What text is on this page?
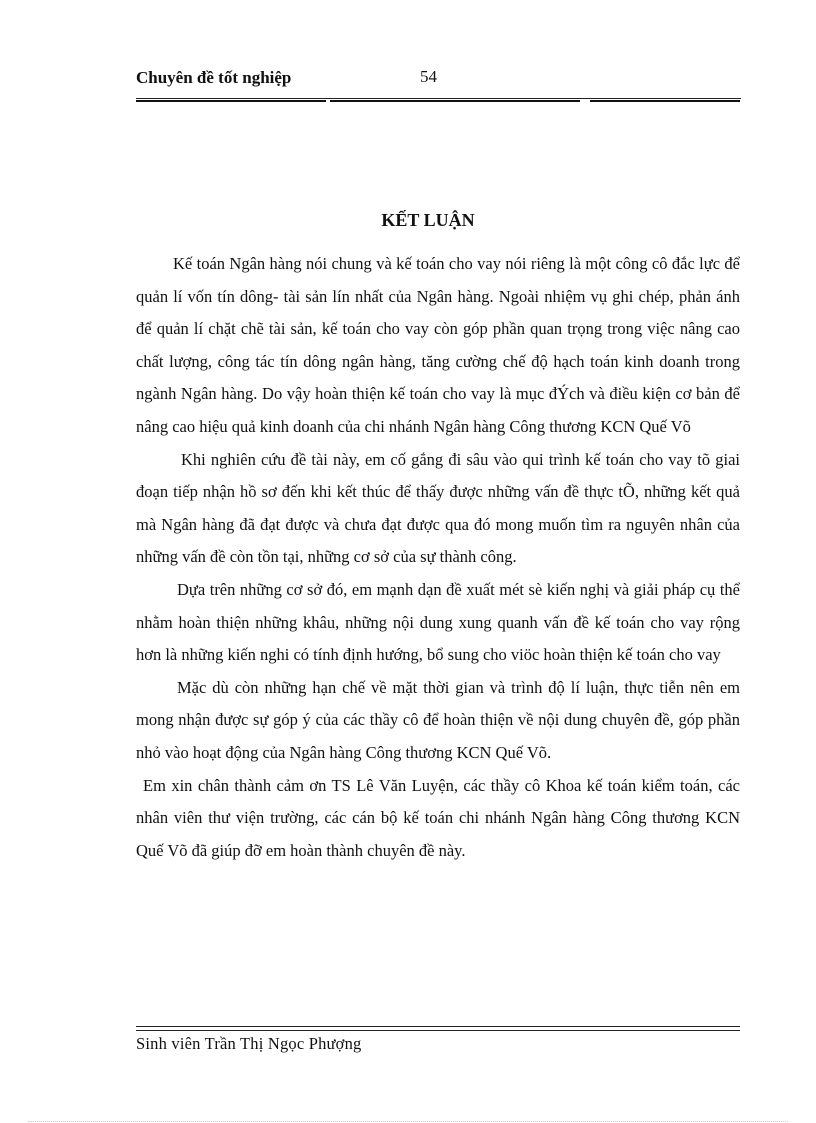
Chuyên đề tốt nghiệp	54
KẾT LUẬN

Kế toán Ngân hàng nói chung và kế toán cho vay nói riêng là một công cô đắc lực để quản lí vốn tín dông- tài sản lín nhất của Ngân hàng. Ngoài nhiệm vụ ghi chép, phản ánh để quản lí chặt chẽ tài sản, kế toán cho vay còn góp phần quan trọng trong việc nâng cao chất lượng, công tác tín dông ngân hàng, tăng cường chế độ hạch toán kinh doanh trong ngành Ngân hàng. Do vậy hoàn thiện kế toán cho vay là mục đÝch và điều kiện cơ bản để nâng cao hiệu quả kinh doanh của chi nhánh Ngân hàng Công thương KCN Quế Võ

Khi nghiên cứu đề tài này, em cố gắng đi sâu vào qui trình kế toán cho vay tõ giai đoạn tiếp nhận hồ sơ đến khi kết thúc để thấy được những vấn đề thực tÕ, những kết quả mà Ngân hàng đã đạt được và chưa đạt được qua đó mong muốn tìm ra nguyên nhân của những vấn đề còn tồn tại, những cơ sở của sự thành công.

Dựa trên những cơ sở đó, em mạnh dạn đề xuất mét sè kiến nghị và giải pháp cụ thể nhằm hoàn thiện những khâu, những nội dung xung quanh vấn đề kế toán cho vay rộng hơn là những kiến nghi có tính định hướng, bổ sung cho viöc hoàn thiện kế toán cho vay

Mặc dù còn những hạn chế về mặt thời gian và trình độ lí luận, thực tiễn nên em mong nhận được sự góp ý của các thầy cô để hoàn thiện về nội dung chuyên đề, góp phần nhỏ vào hoạt động của Ngân hàng Công thương KCN Quế Võ.

Em xin chân thành cảm ơn TS Lê Văn Luyện, các thầy cô Khoa kế toán kiểm toán, các nhân viên thư viện trường, các cán bộ kế toán chi nhánh Ngân hàng Công thương KCN Quế Võ đã giúp đỡ em hoàn thành chuyên đề này.

Sinh viên Trần Thị Ngọc Phượng
